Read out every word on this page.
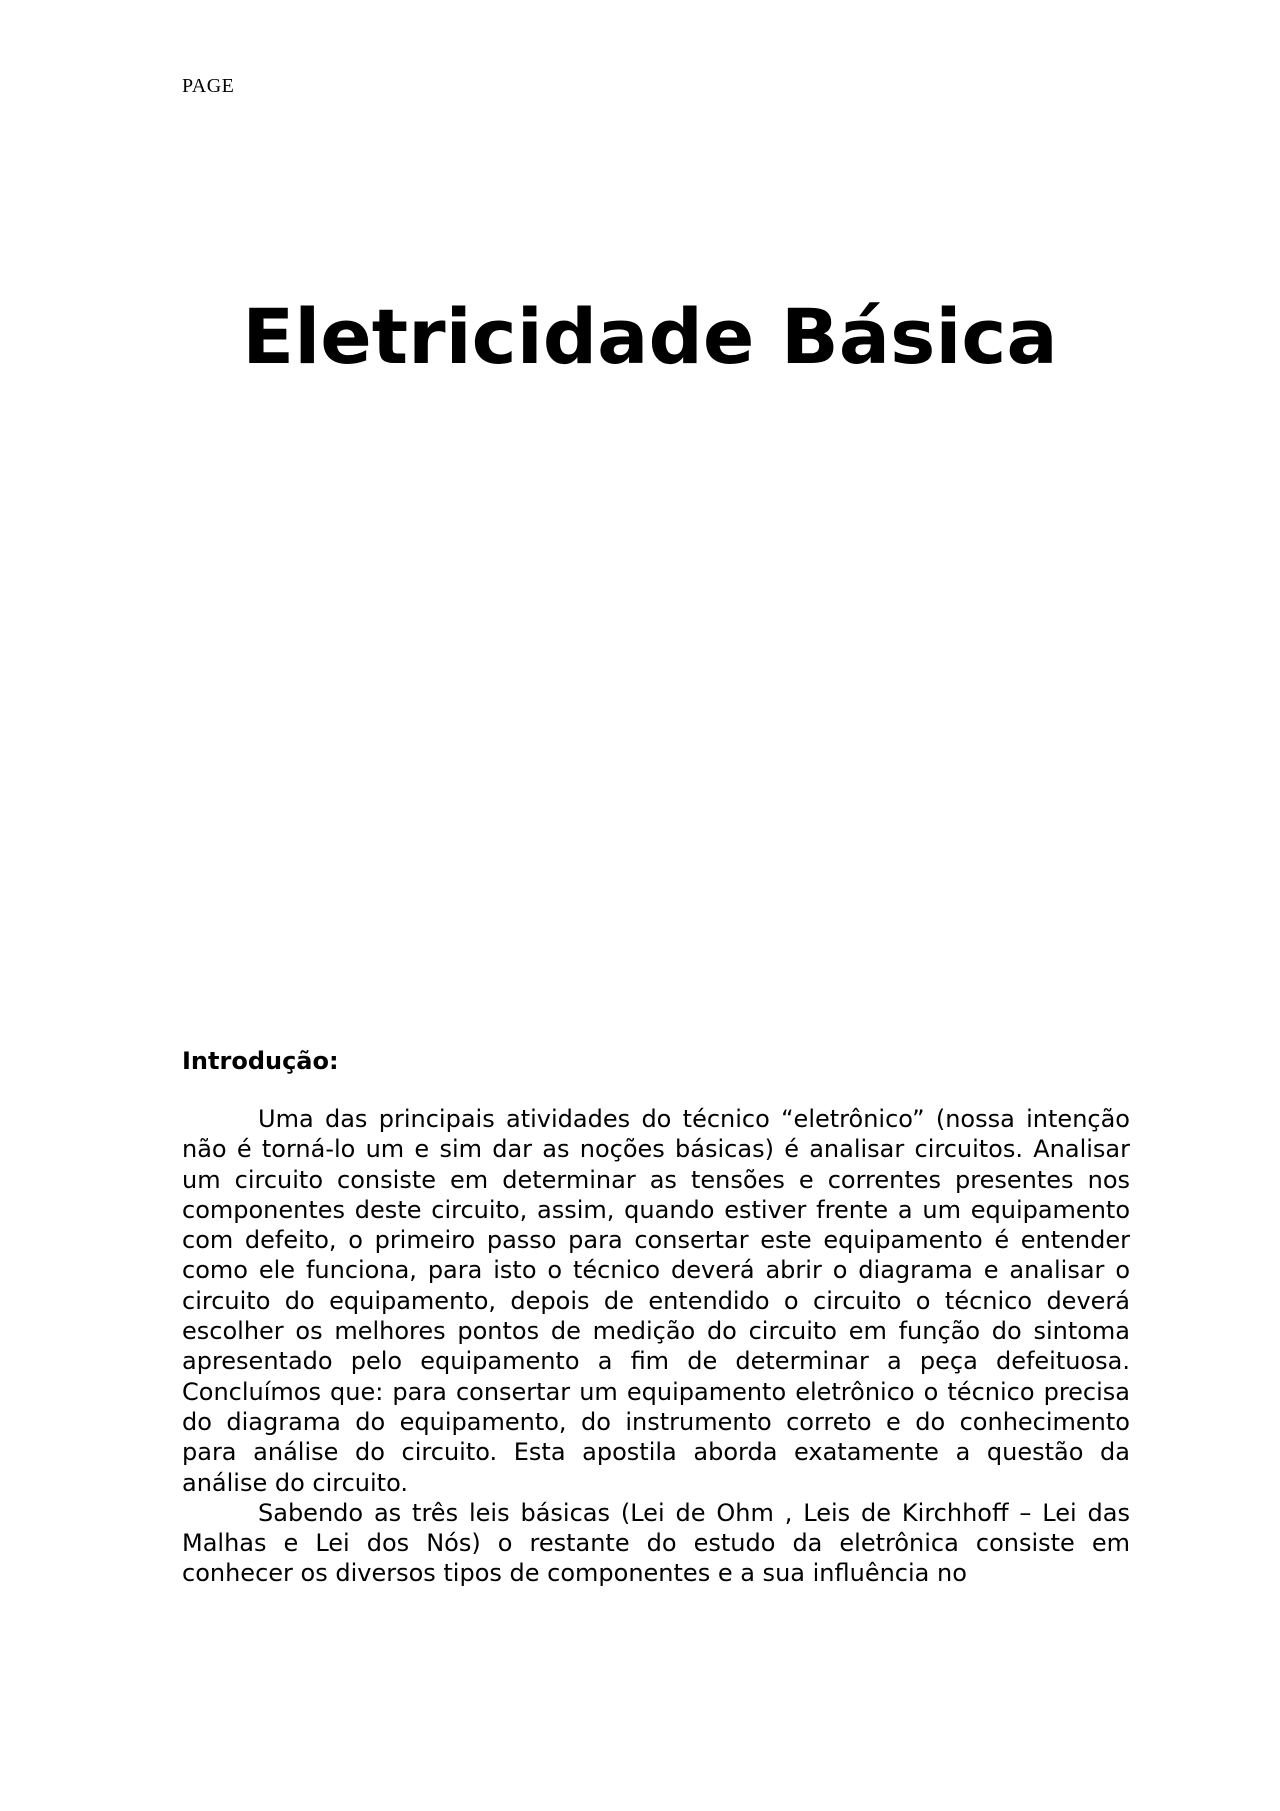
PAGE
Eletricidade Básica
Introdução:

Uma das principais atividades do técnico “eletrônico” (nossa intenção não é torná-lo um e sim dar as noções básicas) é analisar circuitos. Analisar um circuito consiste em determinar as tensões e correntes presentes nos componentes deste circuito, assim, quando estiver frente a um equipamento com defeito, o primeiro passo para consertar este equipamento é entender como ele funciona, para isto o técnico deverá abrir o diagrama e analisar o circuito do equipamento, depois de entendido o circuito o técnico deverá escolher os melhores pontos de medição do circuito em função do sintoma apresentado pelo equipamento a fim de determinar a peça defeituosa. Concluímos que: para consertar um equipamento eletrônico o técnico precisa do diagrama do equipamento, do instrumento correto e do conhecimento para análise do circuito. Esta apostila aborda exatamente a questão da análise do circuito.

Sabendo as três leis básicas (Lei de Ohm , Leis de Kirchhoff – Lei das Malhas e Lei dos Nós) o restante do estudo da eletrônica consiste em conhecer os diversos tipos de componentes e a sua influência no
